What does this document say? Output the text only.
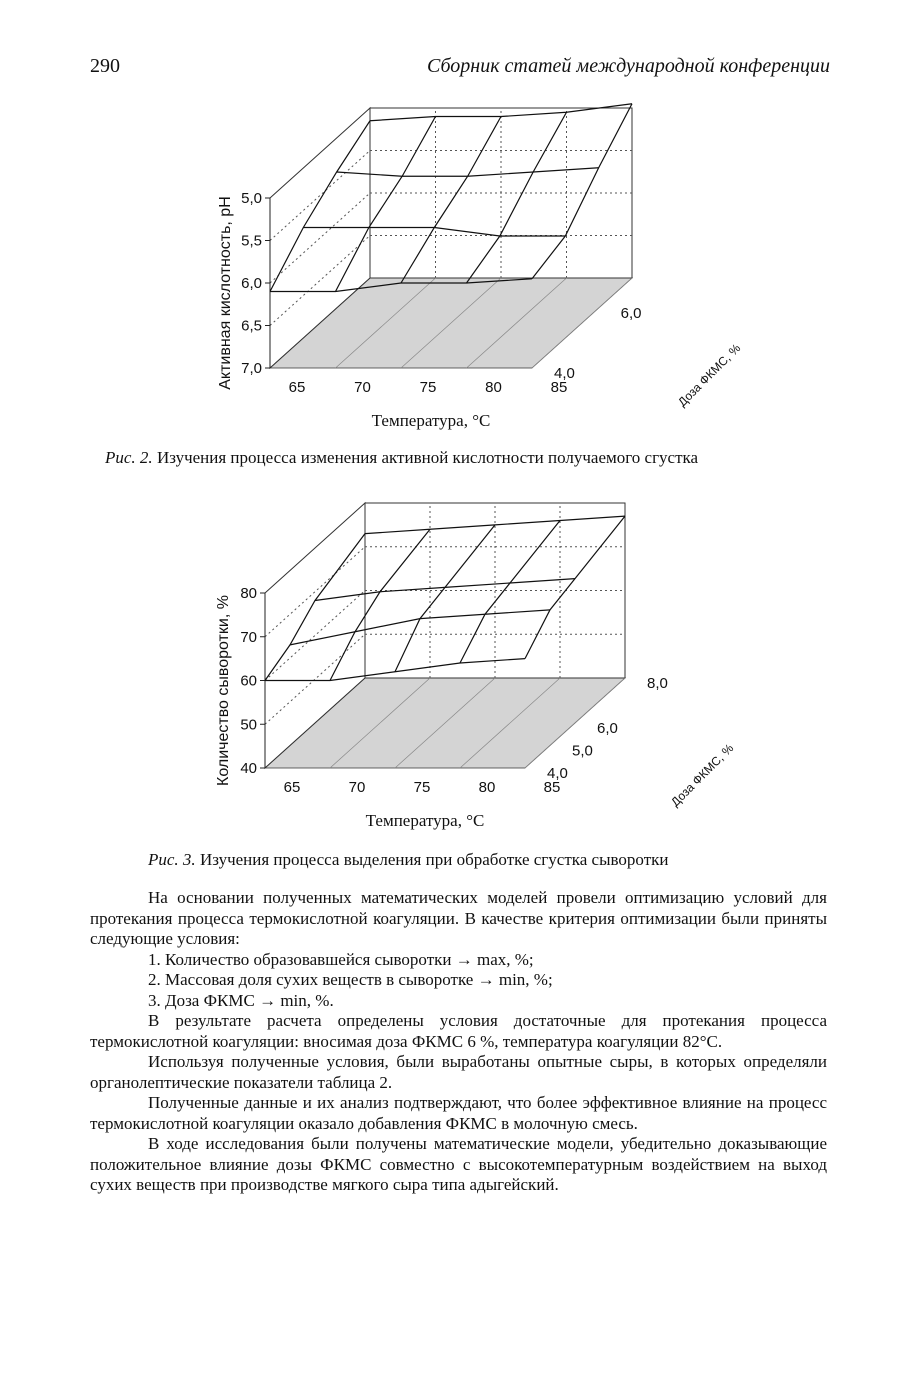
290	Сборник статей международной конференции
7,0
6,5
6,0
5,5
5,0
65	70	75	80	85
4,0
6,0
Температура, °С
Активная кислотность, рН	Доза ФКМС, %
Рис. 2. Изучения процесса изменения активной кислотности получаемого сгустка
40
50
60
70
80
65	70	75	80	85
4,0
5,0
6,0
8,0
Температура, °С
Количество сыворотки, %	Доза ФКМС, %
Рис. 3. Изучения процесса выделения при обработке сгустка сыворотки

На основании полученных математических моделей провели оптимизацию условий для протекания процесса термокислотной коагуляции. В качестве критерия оптимизации были приняты следующие условия:

1. Количество образовавшейся сыворотки → max, %;

2. Массовая доля сухих веществ в сыворотке → min, %;

3. Доза ФКМС → min, %.

В результате расчета определены условия достаточные для протекания процесса термокислотной коагуляции: вносимая доза ФКМС 6 %, температура коагуляции 82°С.

Используя полученные условия, были выработаны опытные сыры, в которых определяли органолептические показатели таблица 2.

Полученные данные и их анализ подтверждают, что более эффективное влияние на процесс термокислотной коагуляции оказало добавления ФКМС в молочную смесь.

В ходе исследования были получены математические модели, убедительно доказывающие положительное влияние дозы ФКМС совместно с высокотемпературным воздействием на выход сухих веществ при производстве мягкого сыра типа адыгейский.
